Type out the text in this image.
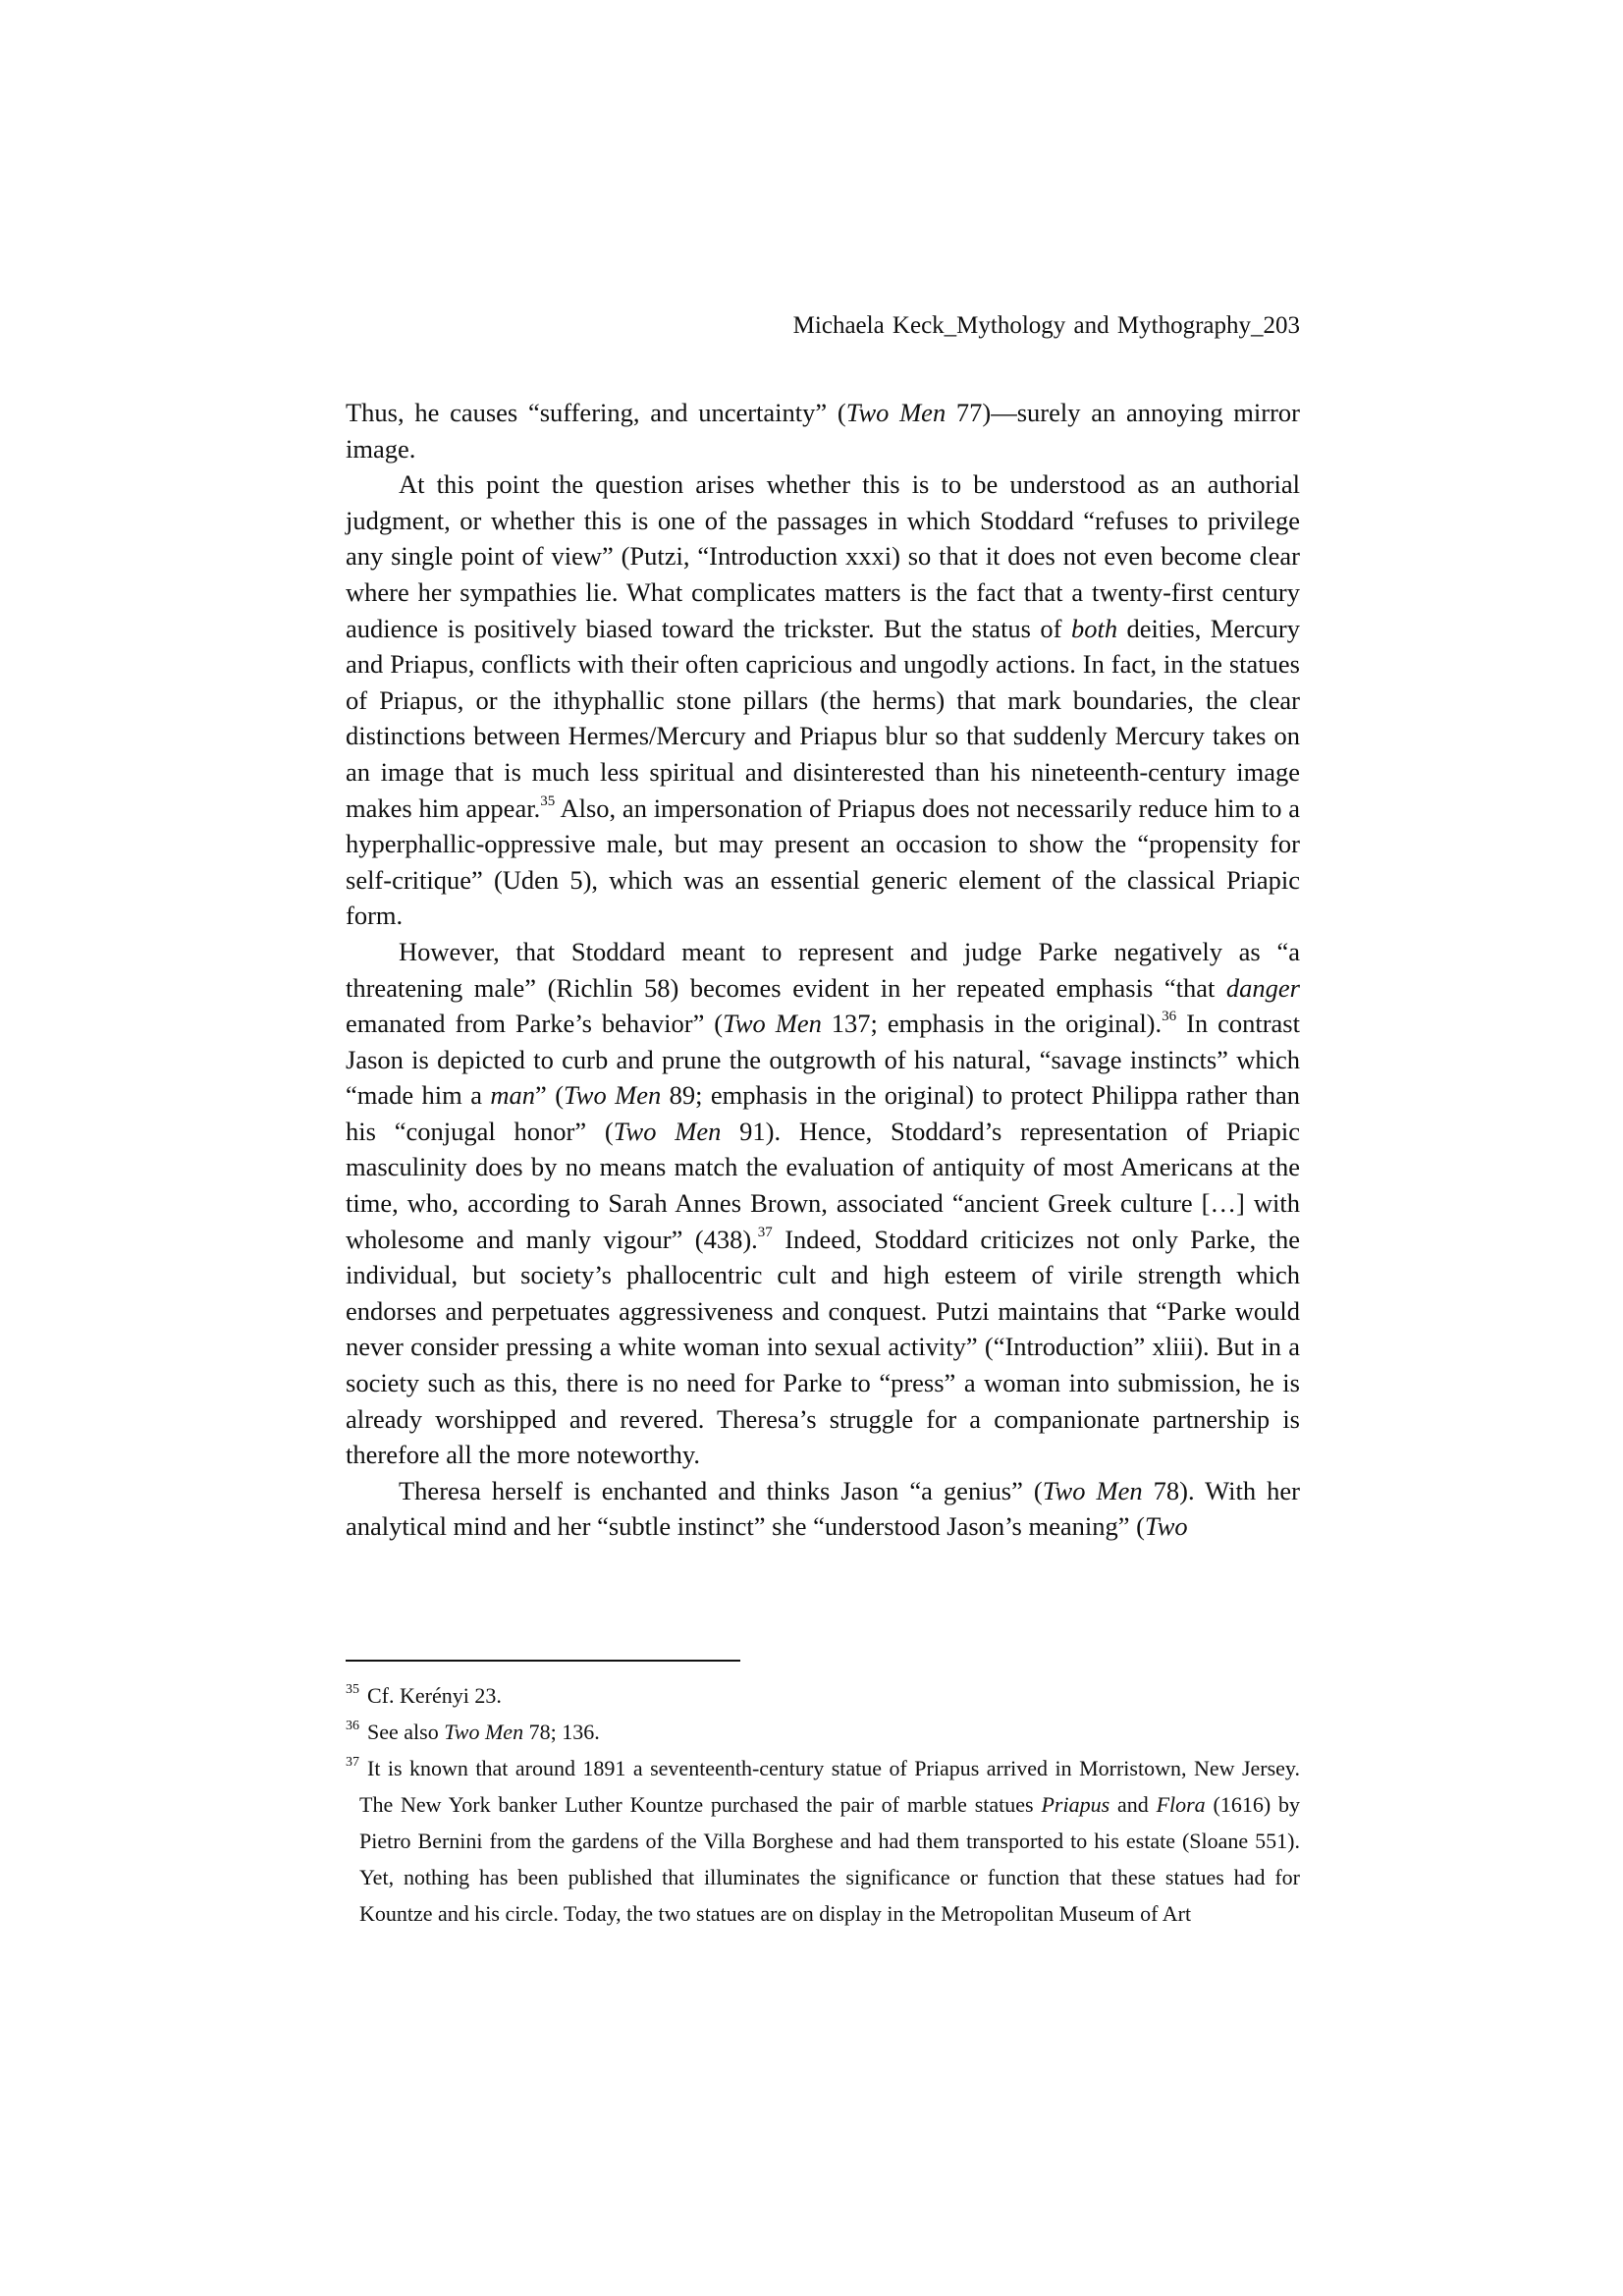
Michaela Keck_Mythology and Mythography_203

Thus, he causes “suffering, and uncertainty” (Two Men 77)—surely an annoying mirror image.

At this point the question arises whether this is to be understood as an authorial judgment, or whether this is one of the passages in which Stoddard “refuses to privilege any single point of view” (Putzi, “Introduction xxxi) so that it does not even become clear where her sympathies lie. What complicates matters is the fact that a twenty-first century audience is positively biased toward the trickster. But the status of both deities, Mercury and Priapus, conflicts with their often capricious and ungodly actions. In fact, in the statues of Priapus, or the ithyphallic stone pillars (the herms) that mark boundaries, the clear distinctions between Hermes/Mercury and Priapus blur so that suddenly Mercury takes on an image that is much less spiritual and disinterested than his nineteenth-century image makes him appear.$^{35}$ Also, an impersonation of Priapus does not necessarily reduce him to a hyperphallic-oppressive male, but may present an occasion to show the “propensity for self-critique” (Uden 5), which was an essential generic element of the classical Priapic form.

However, that Stoddard meant to represent and judge Parke negatively as “a threatening male” (Richlin 58) becomes evident in her repeated emphasis “that danger emanated from Parke’s behavior” (Two Men 137; emphasis in the original).$^{36}$ In contrast Jason is depicted to curb and prune the outgrowth of his natural, “savage instincts” which “made him a man” (Two Men 89; emphasis in the original) to protect Philippa rather than his “conjugal honor” (Two Men 91). Hence, Stoddard’s representation of Priapic masculinity does by no means match the evaluation of antiquity of most Americans at the time, who, according to Sarah Annes Brown, associated “ancient Greek culture […] with wholesome and manly vigour” (438).$^{37}$ Indeed, Stoddard criticizes not only Parke, the individual, but society’s phallocentric cult and high esteem of virile strength which endorses and perpetuates aggressiveness and conquest. Putzi maintains that “Parke would never consider pressing a white woman into sexual activity” (“Introduction” xliii). But in a society such as this, there is no need for Parke to “press” a woman into submission, he is already worshipped and revered. Theresa’s struggle for a companionate partnership is therefore all the more noteworthy.

Theresa herself is enchanted and thinks Jason “a genius” (Two Men 78). With her analytical mind and her “subtle instinct” she “understood Jason’s meaning” (Two

$^{35}$ Cf. Kerényi 23.

$^{36}$ See also Two Men 78; 136.

$^{37}$ It is known that around 1891 a seventeenth-century statue of Priapus arrived in Morristown, New Jersey. The New York banker Luther Kountze purchased the pair of marble statues Priapus and Flora (1616) by Pietro Bernini from the gardens of the Villa Borghese and had them transported to his estate (Sloane 551). Yet, nothing has been published that illuminates the significance or function that these statues had for Kountze and his circle. Today, the two statues are on display in the Metropolitan Museum of Art
